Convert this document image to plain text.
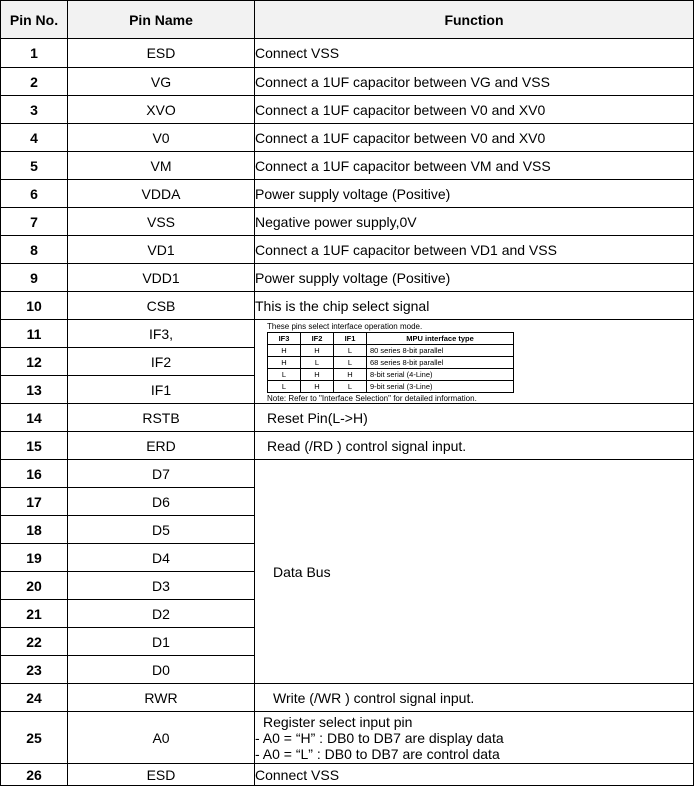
Pin No.	Pin Name	Function
1	ESD	Connect VSS
2	VG	Connect a 1UF capacitor between VG and VSS
3	XVO	Connect a 1UF capacitor between V0 and XV0
4	V0	Connect a 1UF capacitor between V0 and XV0
5	VM	Connect a 1UF capacitor between VM and VSS
6	VDDA	Power supply voltage (Positive)
7	VSS	Negative power supply,0V
8	VD1	Connect a 1UF capacitor between VD1 and VSS
9	VDD1	Power supply voltage (Positive)
10	CSB	This is the chip select signal
11	IF3,	These pins select interface operation mode.
IF3	IF2	IF1	MPU interface type
H	H	L	80 series 8-bit parallel
H	L	L	68 series 8-bit parallel
L	H	H	8-bit serial (4-Line)
L	H	L	9-bit serial (3-Line)
Note: Refer to "Interface Selection" for detailed information.

12	IF2
13	IF1
14	RSTB	Reset Pin(L->H)
15	ERD	Read (/RD ) control signal input.
16	D7	Data Bus
17	D6
18	D5
19	D4
20	D3
21	D2
22	D1
23	D0
24	RWR	Write (/WR ) control signal input.
25	A0	
Register select input pin
- A0 = “H” : DB0 to DB7 are display data
- A0 = “L” : DB0 to DB7 are control data

26	ESD	Connect VSS
